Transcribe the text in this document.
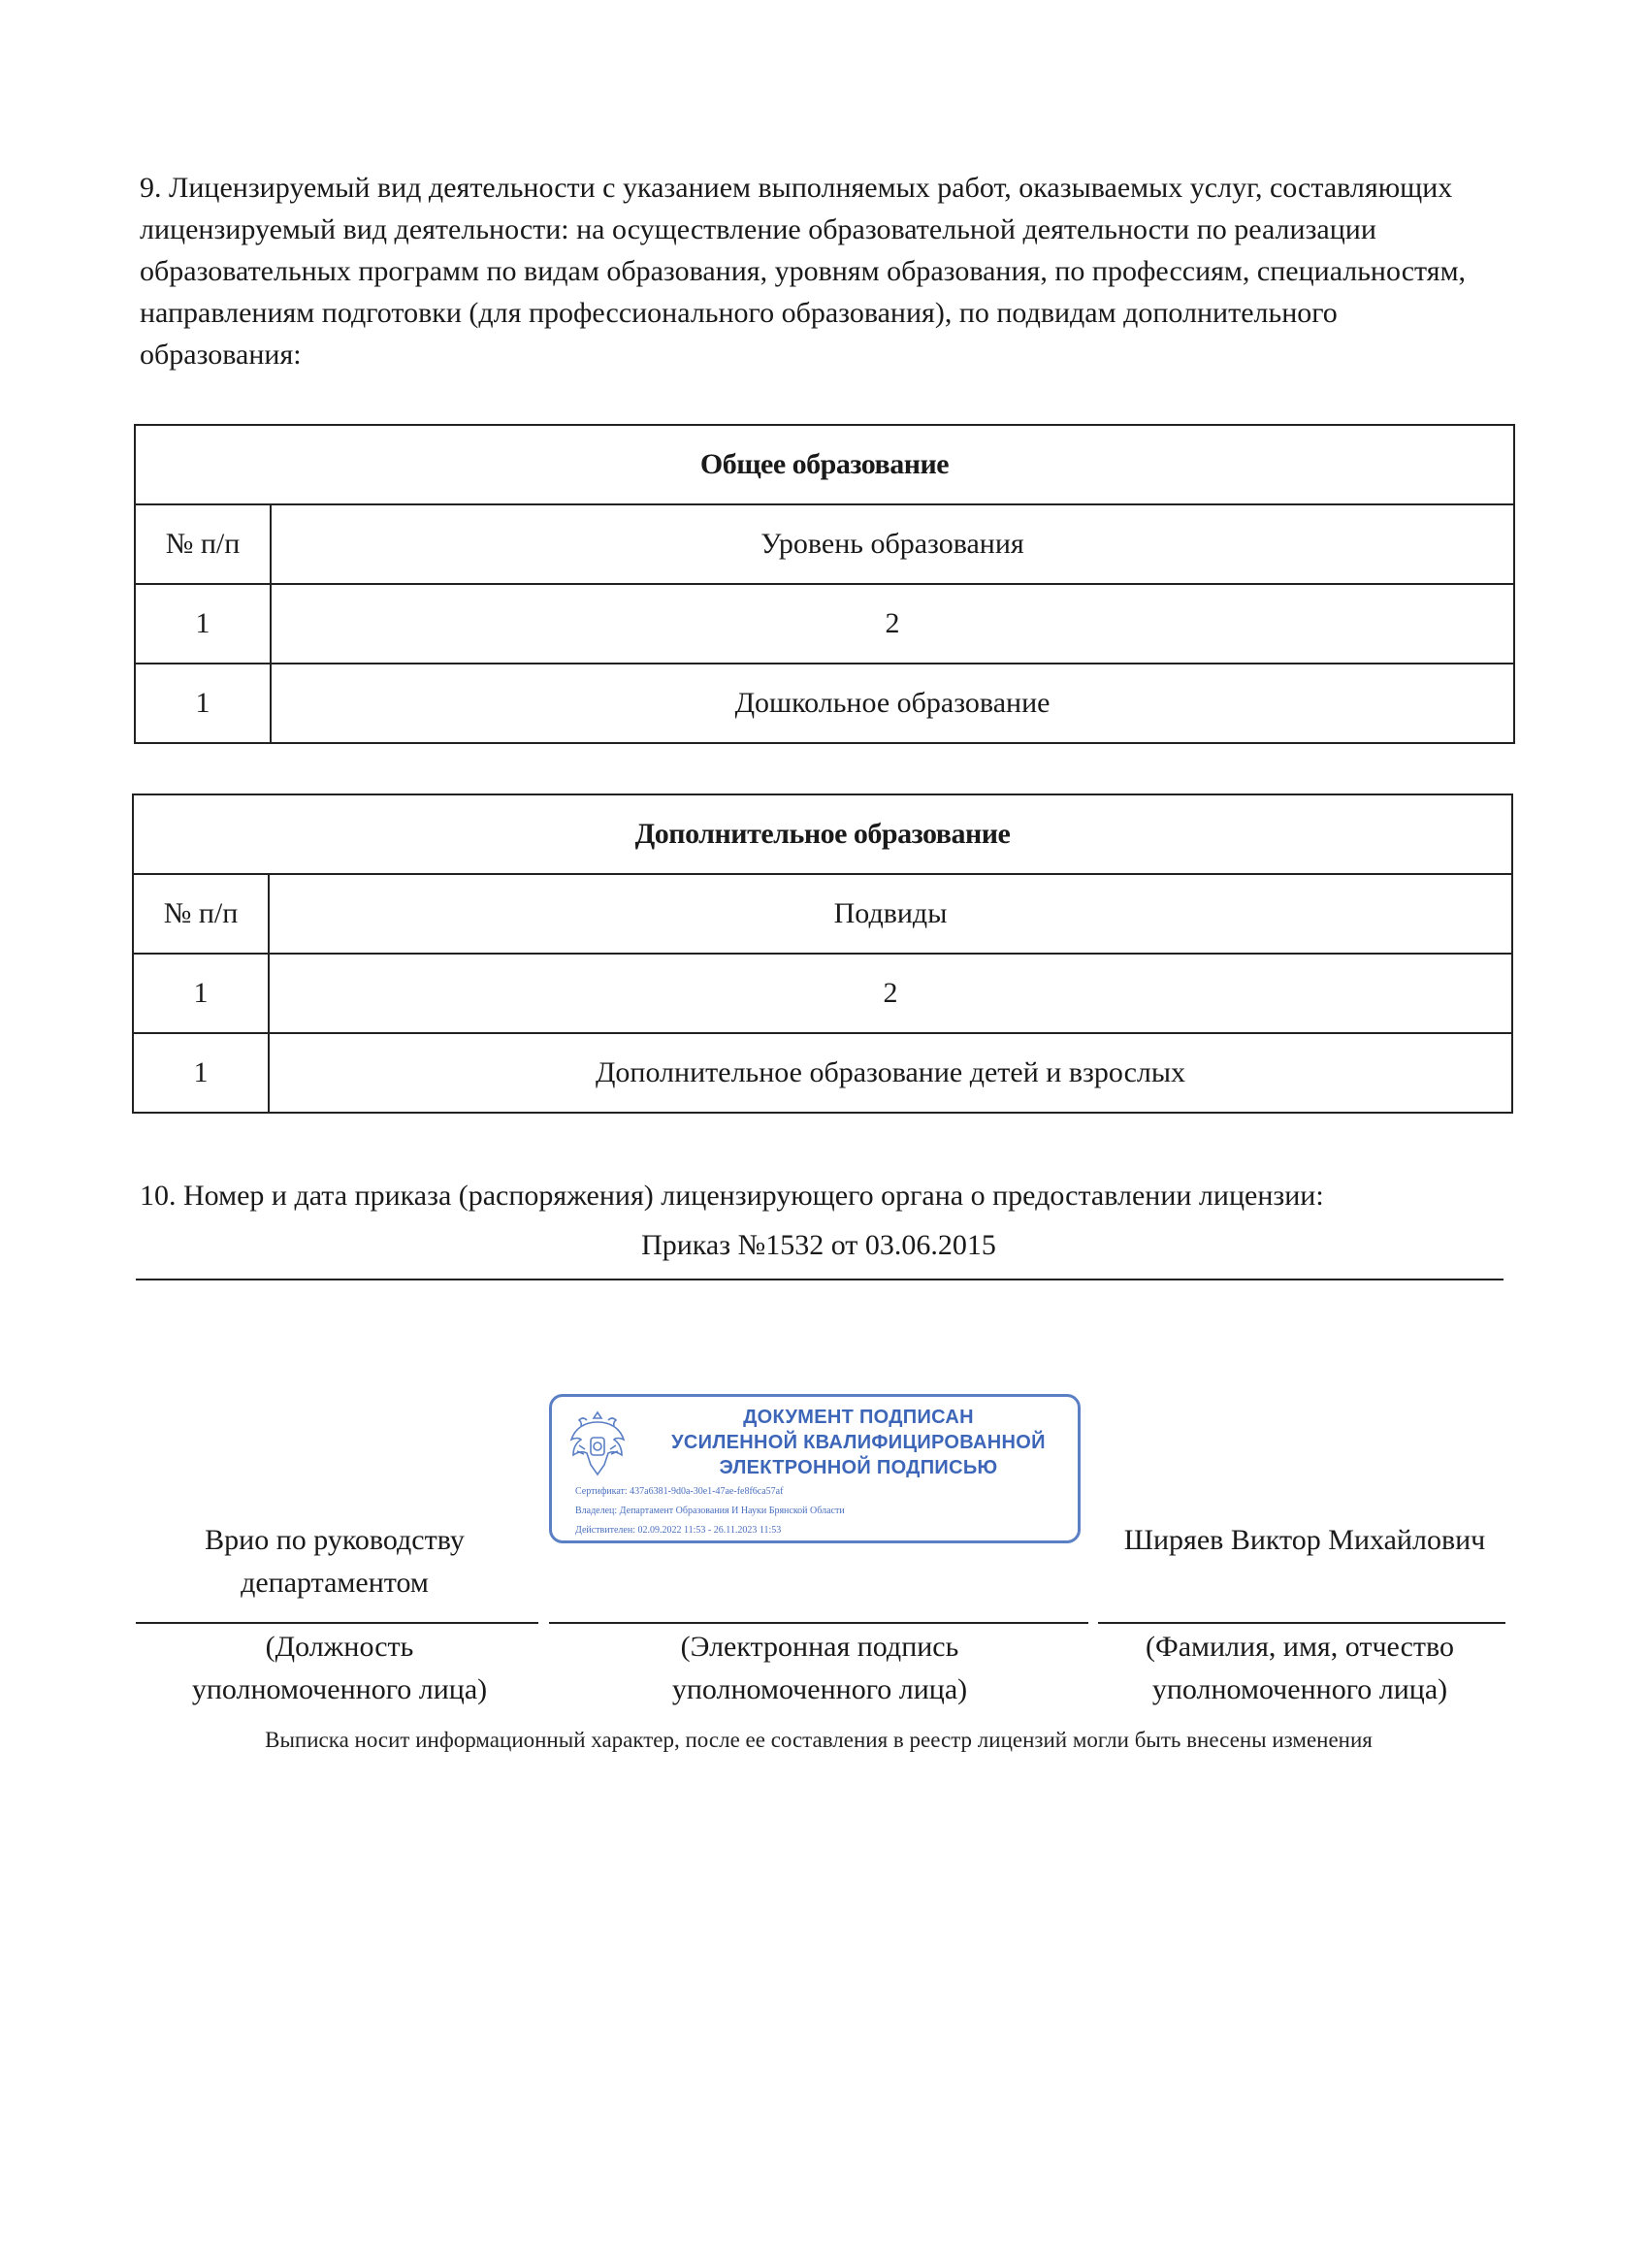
9. Лицензируемый вид деятельности с указанием выполняемых работ, оказываемых услуг, составляющих лицензируемый вид деятельности: на осуществление образовательной деятельности по реализации образовательных программ по видам образования, уровням образования, по профессиям, специальностям, направлениям подготовки (для профессионального образования), по подвидам дополнительного образования:
Общее образование	
№ п/п	Уровень образования
1	2
1	Дошкольное образование
Дополнительное образование	
№ п/п	Подвиды
1	2
1	Дополнительное образование детей и взрослых
10. Номер и дата приказа (распоряжения) лицензирующего органа о предоставлении лицензии:
Приказ №1532 от 03.06.2015
ДОКУМЕНТ ПОДПИСАН
УСИЛЕННОЙ КВАЛИФИЦИРОВАННОЙ
ЭЛЕКТРОННОЙ ПОДПИСЬЮ
Сертификат: 437a6381-9d0a-30e1-47ae-fe8f6ca57af
Владелец: Департамент Образования И Науки Брянской Области
Действителен: 02.09.2022 11:53 - 26.11.2023 11:53
Врио по руководству департаментом
Ширяев Виктор Михайлович
(Должность уполномоченного лица)
(Электронная подпись уполномоченного лица)
(Фамилия, имя, отчество уполномоченного лица)
Выписка носит информационный характер, после ее составления в реестр лицензий могли быть внесены изменения
